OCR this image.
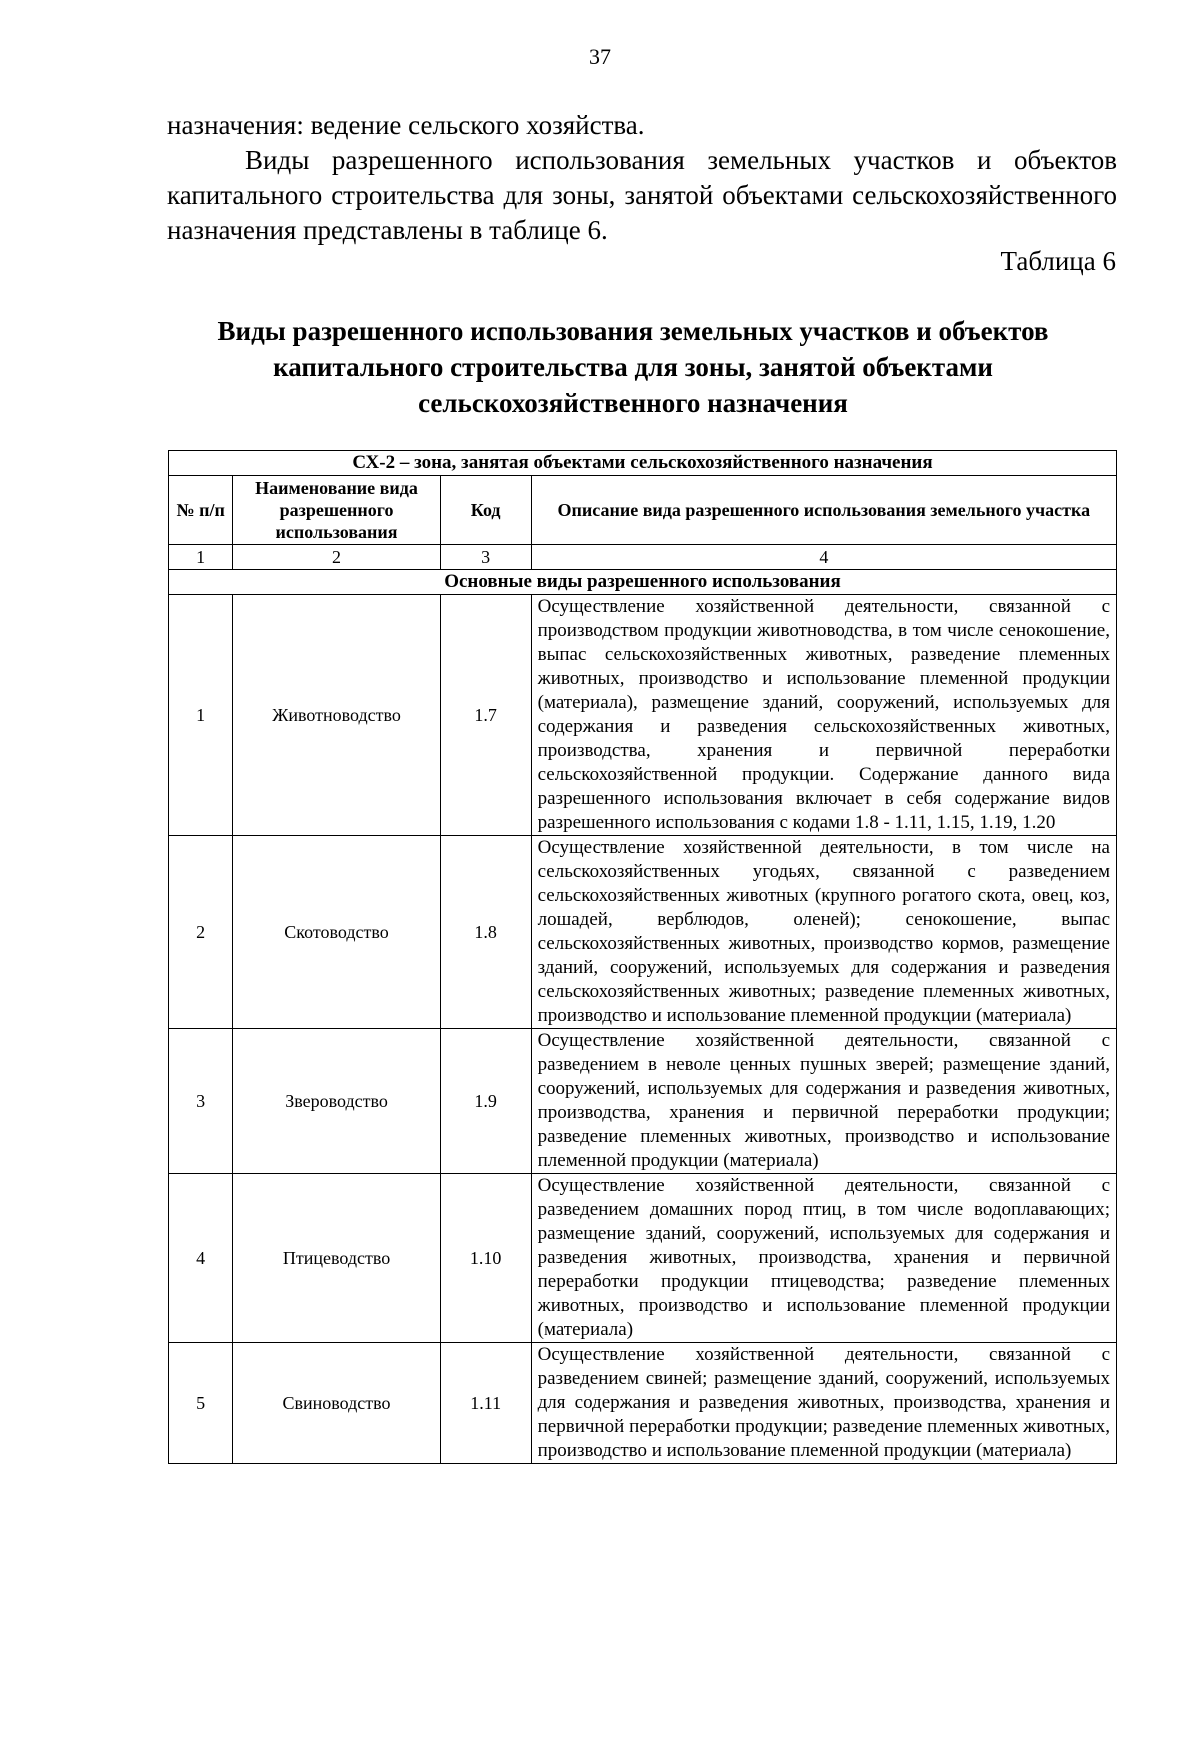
37

назначения: ведение сельского хозяйства.

Виды разрешенного использования земельных участков и объектов капитального строительства для зоны, занятой объектами сельскохозяйственного назначения представлены в таблице 6.

Таблица 6
Виды разрешенного использования земельных участков и объектов капитального строительства для зоны, занятой объектами сельскохозяйственного назначения
СХ-2 – зона, занятая объектами сельскохозяйственного назначения			
№ п/п	Наименование вида разрешенного использования	Код	Описание вида разрешенного использования земельного участка
1	2	3	4
Основные виды разрешенного использования			
1	Животноводство	1.7	Осуществление хозяйственной деятельности, связанной с производством продукции животноводства, в том числе сенокошение, выпас сельскохозяйственных животных, разведение племенных животных, производство и использование племенной продукции (материала), размещение зданий, сооружений, используемых для содержания и разведения сельскохозяйственных животных, производства, хранения и первичной переработки сельскохозяйственной продукции. Содержание данного вида разрешенного использования включает в себя содержание видов разрешенного использования с кодами 1.8 - 1.11, 1.15, 1.19, 1.20
2	Скотоводство	1.8	Осуществление хозяйственной деятельности, в том числе на сельскохозяйственных угодьях, связанной с разведением сельскохозяйственных животных (крупного рогатого скота, овец, коз, лошадей, верблюдов, оленей); сенокошение, выпас сельскохозяйственных животных, производство кормов, размещение зданий, сооружений, используемых для содержания и разведения сельскохозяйственных животных; разведение племенных животных, производство и использование племенной продукции (материала)
3	Звероводство	1.9	Осуществление хозяйственной деятельности, связанной с разведением в неволе ценных пушных зверей; размещение зданий, сооружений, используемых для содержания и разведения животных, производства, хранения и первичной переработки продукции; разведение племенных животных, производство и использование племенной продукции (материала)
4	Птицеводство	1.10	Осуществление хозяйственной деятельности, связанной с разведением домашних пород птиц, в том числе водоплавающих; размещение зданий, сооружений, используемых для содержания и разведения животных, производства, хранения и первичной переработки продукции птицеводства; разведение племенных животных, производство и использование племенной продукции (материала)
5	Свиноводство	1.11	Осуществление хозяйственной деятельности, связанной с разведением свиней; размещение зданий, сооружений, используемых для содержания и разведения животных, производства, хранения и первичной переработки продукции; разведение племенных животных, производство и использование племенной продукции (материала)
